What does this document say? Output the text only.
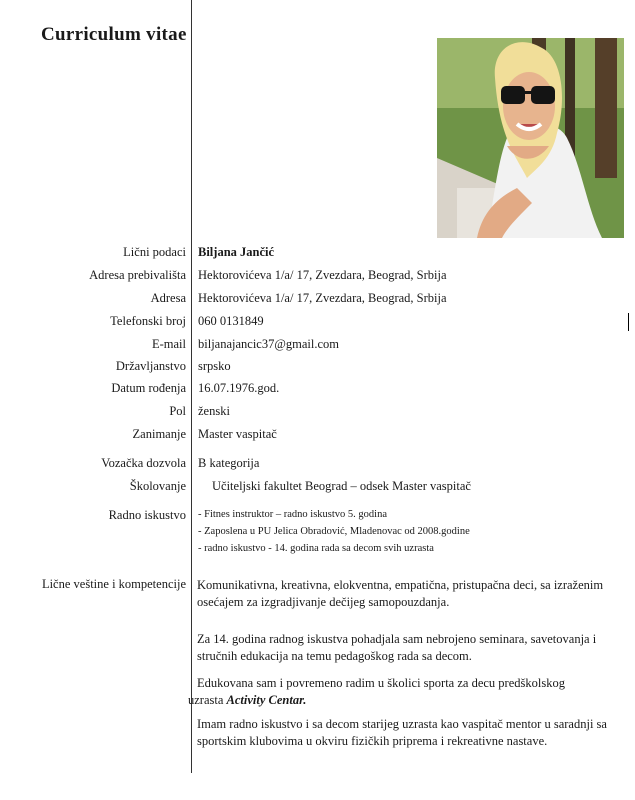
Curriculum vitae
Lični podaci Biljana Jančić
Adresa prebivališta Hektorovićeva 1/a/ 17, Zvezdara, Beograd, Srbija
Adresa Hektorovićeva 1/a/ 17, Zvezdara, Beograd, Srbija
Telefonski broj 060 0131849
E-mail biljanajancic37@gmail.com
Državljanstvo srpsko
Datum rođenja 16.07.1976.god.
Pol ženski
Zanimanje Master vaspitač
Vozačka dozvola B kategorija
Školovanje Učiteljski fakultet Beograd – odsek Master vaspitač
Radno iskustvo - Fitnes instruktor – radno iskustvo 5. godina
- Zaposlena u PU Jelica Obradović, Mladenovac od 2008.godine
- radno iskustvo - 14. godina rada sa decom svih uzrasta
Lične veštine i kompetencije Komunikativna, kreativna, elokventna, empatična, pristupačna deci, sa izraženim osećajem za izgradjivanje dečijeg samopouzdanja.
Za 14. godina radnog iskustva pohadjala sam nebrojeno seminara, savetovanja i stručnih edukacija na temu pedagoškog rada sa decom.
Edukovana sam i povremeno radim u školici sporta za decu predškolskog
uzrasta Activity Centar.
Imam radno iskustvo i sa decom starijeg uzrasta kao vaspitač mentor u saradnji sa sportskim klubovima u okviru fizičkih priprema i rekreativne nastave.
